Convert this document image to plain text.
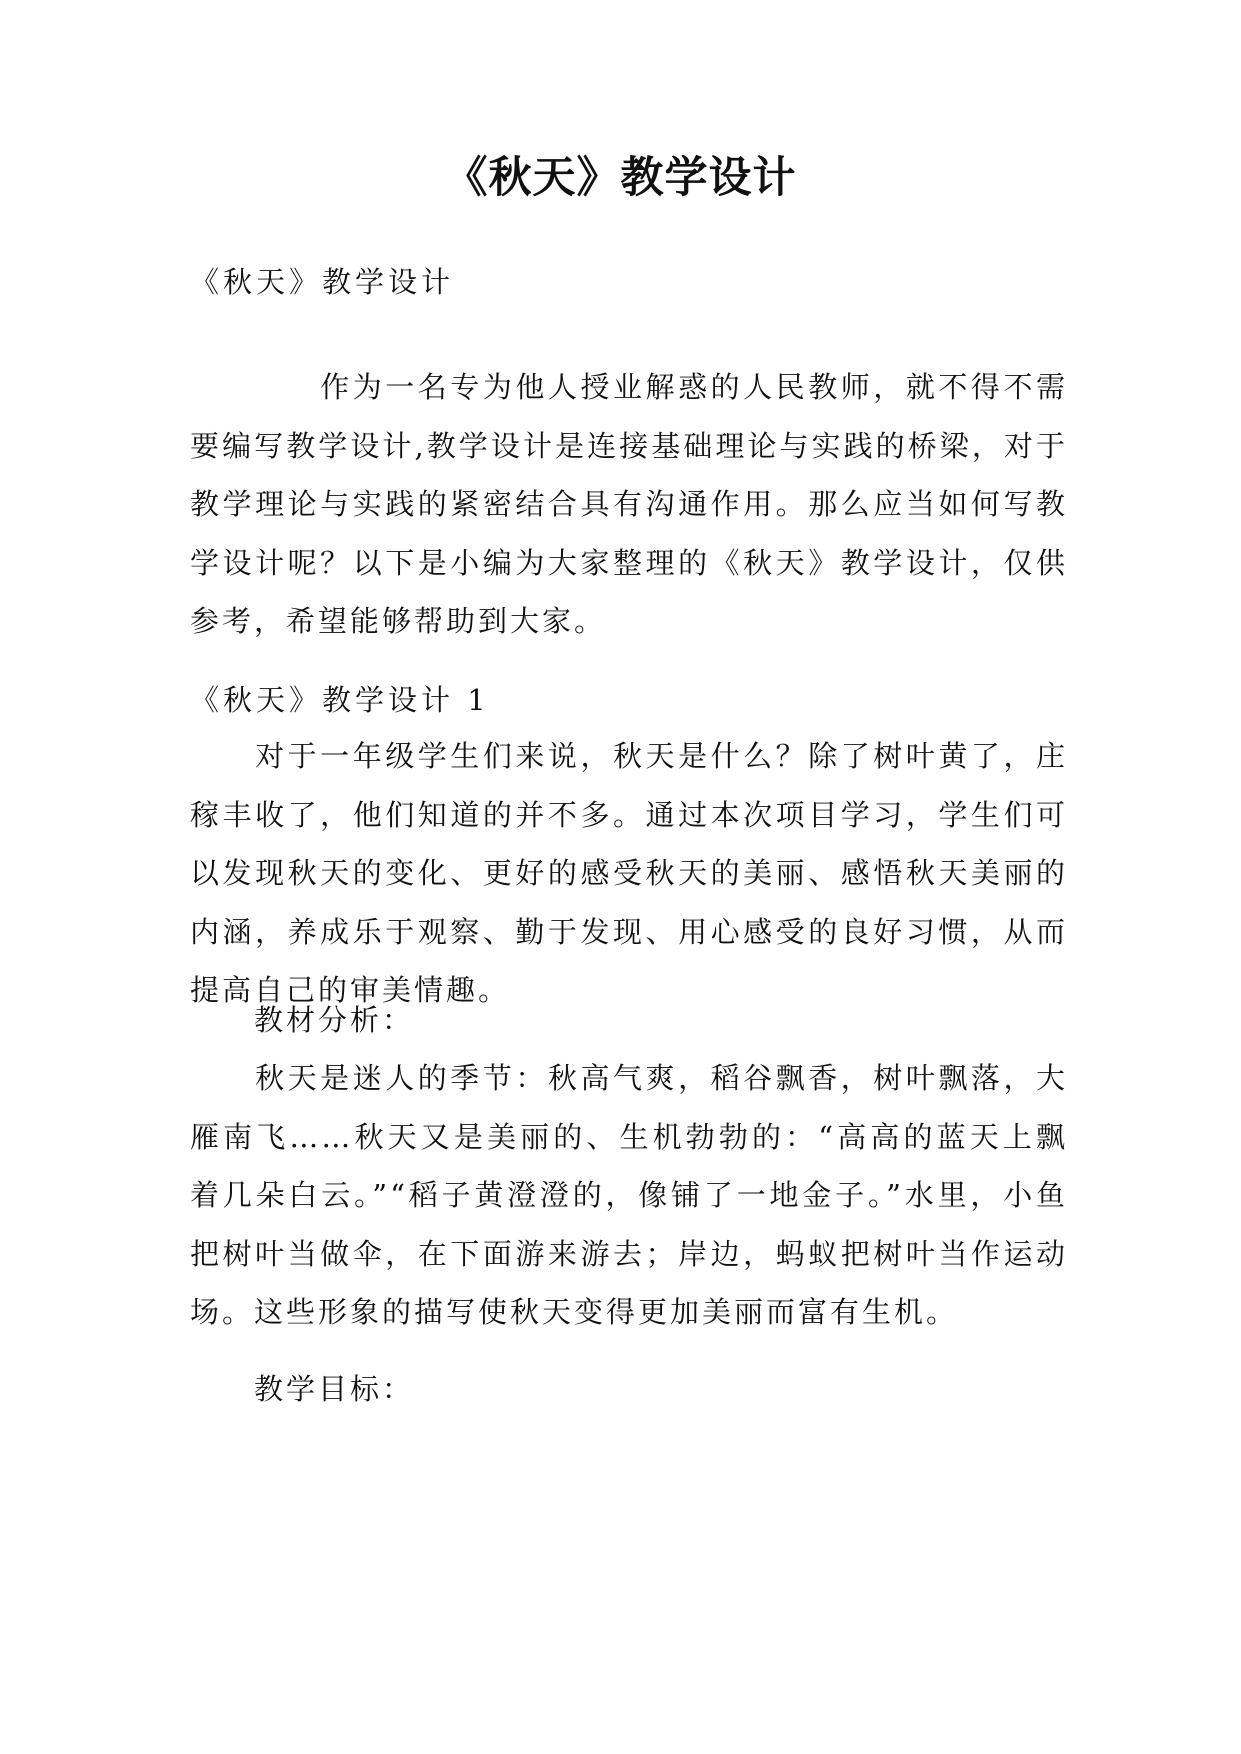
《秋天》教学设计

《秋天》教学设计

　　　　作为一名专为他人授业解惑的人民教师，就不得不需要编写教学设计,教学设计是连接基础理论与实践的桥梁，对于教学理论与实践的紧密结合具有沟通作用。那么应当如何写教学设计呢？以下是小编为大家整理的《秋天》教学设计，仅供参考，希望能够帮助到大家。

《秋天》教学设计 1

　　对于一年级学生们来说，秋天是什么？除了树叶黄了，庄稼丰收了，他们知道的并不多。通过本次项目学习，学生们可以发现秋天的变化、更好的感受秋天的美丽、感悟秋天美丽的内涵，养成乐于观察、勤于发现、用心感受的良好习惯，从而提高自己的审美情趣。

　　教材分析：

　　秋天是迷人的季节：秋高气爽，稻谷飘香，树叶飘落，大雁南飞……秋天又是美丽的、生机勃勃的：“高高的蓝天上飘着几朵白云。”“稻子黄澄澄的，像铺了一地金子。”水里，小鱼把树叶当做伞，在下面游来游去；岸边，蚂蚁把树叶当作运动场。这些形象的描写使秋天变得更加美丽而富有生机。

　　教学目标：
